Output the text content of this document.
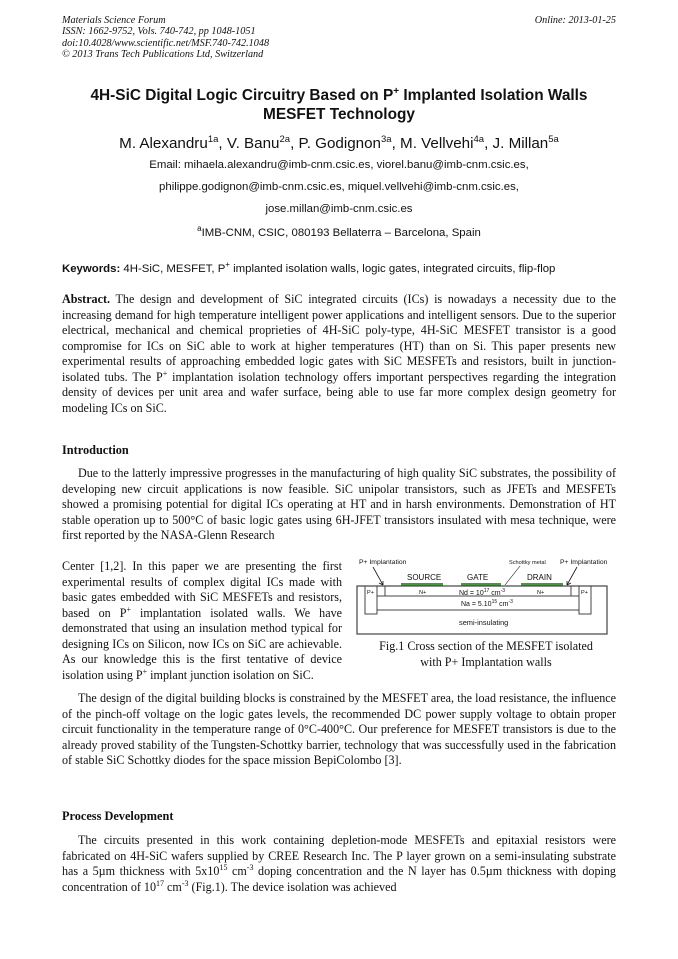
Materials Science Forum
ISSN: 1662-9752, Vols. 740-742, pp 1048-1051
doi:10.4028/www.scientific.net/MSF.740-742.1048
© 2013 Trans Tech Publications Ltd, Switzerland
Online: 2013-01-25
4H-SiC Digital Logic Circuitry Based on P+ Implanted Isolation Walls
MESFET Technology
M. Alexandru$^{1a}$, V. Banu$^{2a}$, P. Godignon$^{3a}$, M. Vellvehi$^{4a}$, J. Millan$^{5a}$
Email: mihaela.alexandru@imb-cnm.csic.es, viorel.banu@imb-cnm.csic.es,
philippe.godignon@imb-cnm.csic.es, miquel.vellvehi@imb-cnm.csic.es,
jose.millan@imb-cnm.csic.es
$^a$IMB-CNM, CSIC, 080193 Bellaterra – Barcelona, Spain
Keywords: 4H-SiC, MESFET, P+ implanted isolation walls, logic gates, integrated circuits, flip-flop
Abstract. The design and development of SiC integrated circuits (ICs) is nowadays a necessity due to the increasing demand for high temperature intelligent power applications and intelligent sensors. Due to the superior electrical, mechanical and chemical proprieties of 4H-SiC poly-type, 4H-SiC MESFET transistor is a good compromise for ICs on SiC able to work at higher temperatures (HT) than on Si. This paper presents new experimental results of approaching embedded logic gates with SiC MESFETs and resistors, built in junction-isolated tubs. The P+ implantation isolation technology offers important perspectives regarding the integration density of devices per unit area and wafer surface, being able to use far more complex design geometry for modeling ICs on SiC.
Introduction
Due to the latterly impressive progresses in the manufacturing of high quality SiC substrates, the possibility of developing new circuit applications is now feasible. SiC unipolar transistors, such as JFETs and MESFETs showed a promising potential for digital ICs operating at HT and in harsh environments. Demonstration of HT stable operation up to 500°C of basic logic gates using 6H-JFET transistors insulated with mesa technique, were first reported by the NASA-Glenn Research
Center [1,2]. In this paper we are presenting the first experimental results of complex digital ICs made with basic gates embedded with SiC MESFETs and resistors, based on P+ implantation isolated walls. We have demonstrated that using an insulation method typical for designing ICs on Silicon, now ICs on SiC are achievable. As our knowledge this is the first tentative of device isolation using P+ implant junction isolation on SiC.
P+ Implantation	Schottky metal P+ Implantation
SOURCE	GATE	DRAIN
P+	P+
N+	N+
$Nd = 10^{17}$ $cm^{-3}$
$Na = 5.10^{15}$ $cm^{-3}$
semi-insulating
Fig.1 Cross section of the MESFET isolated
with P+ Implantation walls
The design of the digital building blocks is constrained by the MESFET area, the load resistance, the influence of the pinch-off voltage on the logic gates levels, the recommended DC power supply voltage to obtain proper circuit functionality in the temperature range of 0°C-400°C. Our preference for MESFET transistors is due to the already proved stability of the Tungsten-Schottky barrier, technology that was successfully used in the fabrication of stable SiC Schottky diodes for the space mission BepiColombo [3].
Process Development
The circuits presented in this work containing depletion-mode MESFETs and epitaxial resistors were fabricated on 4H-SiC wafers supplied by CREE Research Inc. The P layer grown on a semi-insulating substrate has a 5µm thickness with $5x10^{15}$ $cm^{-3}$ doping concentration and the N layer has 0.5µm thickness with doping concentration of $10^{17}$ $cm^{-3}$ (Fig.1). The device isolation was achieved
